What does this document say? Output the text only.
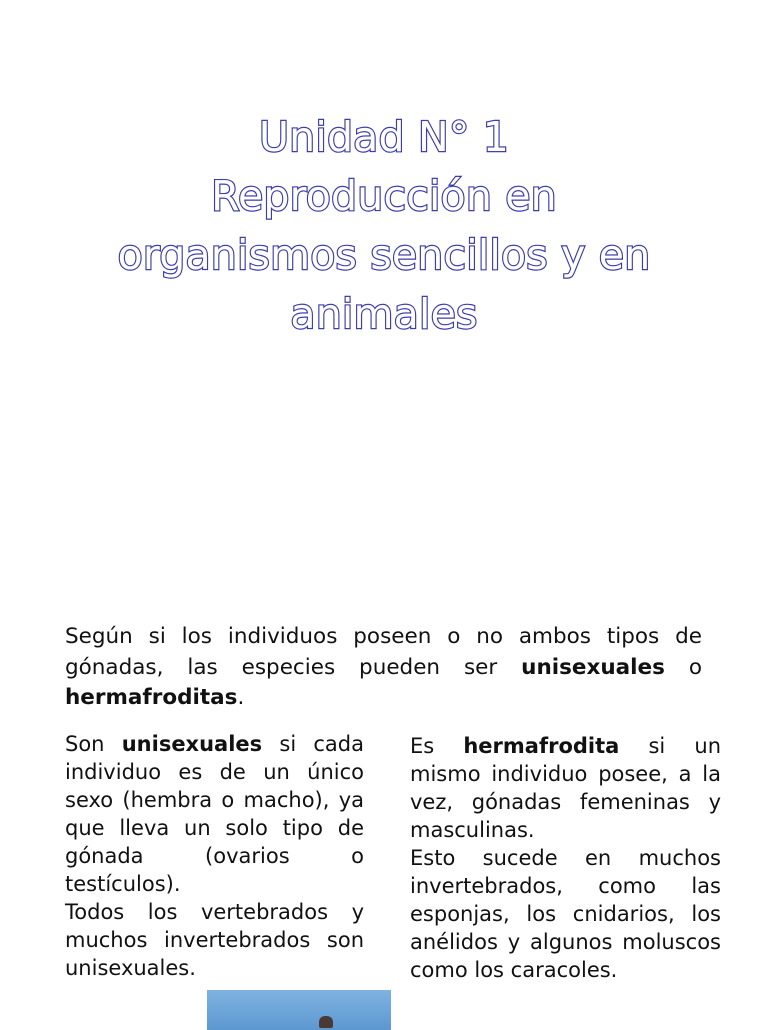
Unidad N° 1
Reproducción en
organismos sencillos y en
animales
Según si los individuos poseen o no ambos tipos de gónadas, las especies pueden ser unisexuales o hermafroditas.

Son unisexuales si cada individuo es de un único sexo (hembra o macho), ya que lleva un solo tipo de gónada (ovarios o testículos).

Todos los vertebrados y muchos invertebrados son unisexuales.

Es hermafrodita si un mismo individuo posee, a la vez, gónadas femeninas y masculinas.

Esto sucede en muchos invertebrados, como las esponjas, los cnidarios, los anélidos y algunos moluscos como los caracoles.
